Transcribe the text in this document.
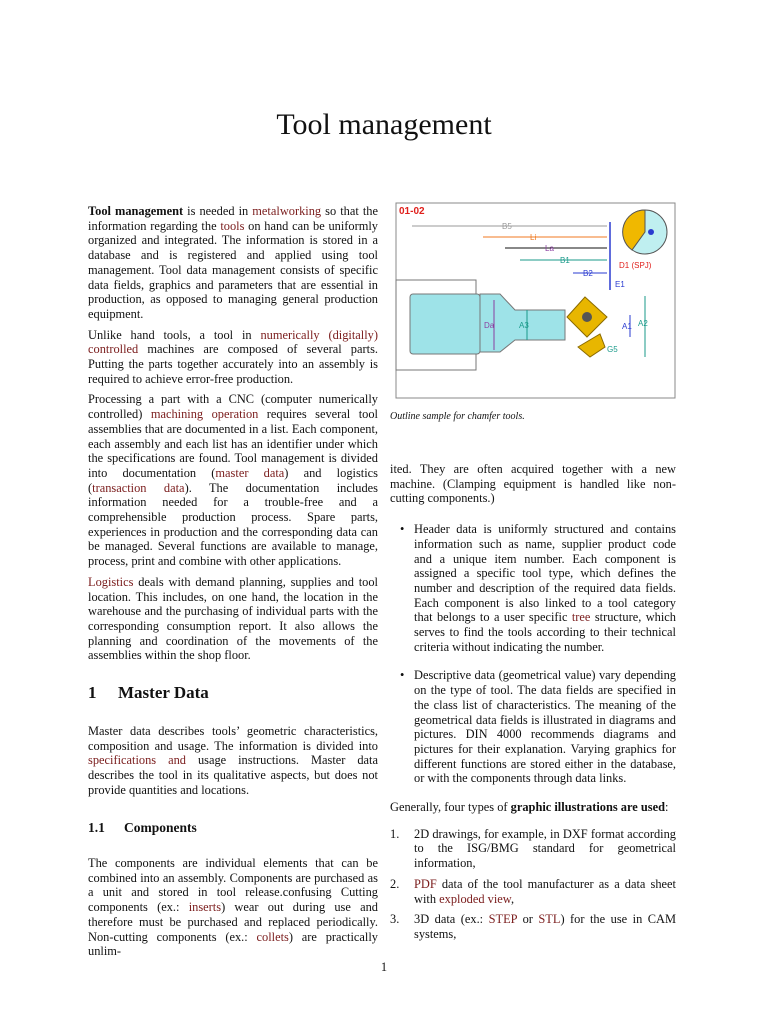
Tool management

Tool management is needed in metalworking so that the information regarding the tools on hand can be uniformly organized and integrated. The information is stored in a database and is registered and applied using tool management. Tool data management consists of specific data fields, graphics and parameters that are essential in production, as opposed to managing general production equipment.

Unlike hand tools, a tool in numerically (digitally) controlled machines are composed of several parts. Putting the parts together accurately into an assembly is required to achieve error-free production.

Processing a part with a CNC (computer numerically controlled) machining operation requires several tool assemblies that are documented in a list. Each component, each assembly and each list has an identifier under which the specifications are found. Tool management is divided into documentation (master data) and logistics (transaction data). The documentation includes information needed for a trouble-free and a comprehensible production process. Spare parts, experiences in production and the corresponding data can be managed. Several functions are available to manage, process, print and combine with other applications.

Logistics deals with demand planning, supplies and tool location. This includes, on one hand, the location in the warehouse and the purchasing of individual parts with the corresponding consumption report. It also allows the planning and coordination of the movements of the assemblies within the shop floor.

1 Master Data

Master data describes tools’ geometric characteristics, composition and usage. The information is divided into specifications and usage instructions. Master data describes the tool in its qualitative aspects, but does not provide quantities and locations.

1.1 Components

The components are individual elements that can be combined into an assembly. Components are purchased as a unit and stored in tool release.confusing Cutting components (ex.: inserts) wear out during use and therefore must be purchased and replaced periodically. Non-cutting components (ex.: collets) are practically unlim-

01-02
B5
Li
La
B1
B2
E1
D1 (SPJ)
Da	A3	A1 A2
G5
Outline sample for chamfer tools.

ited. They are often acquired together with a new machine. (Clamping equipment is handled like non-cutting components.)

• Header data is uniformly structured and contains information such as name, supplier product code and a unique item number. Each component is assigned a specific tool type, which defines the number and description of the required data fields. Each component is also linked to a tool category that belongs to a user specific tree structure, which serves to find the tools according to their technical criteria without indicating the number.
• Descriptive data (geometrical value) vary depending on the type of tool. The data fields are specified in the class list of characteristics. The meaning of the geometrical data fields is illustrated in diagrams and pictures. DIN 4000 recommends diagrams and pictures for their explanation. Varying graphics for different functions are stored either in the database, or with the components through data links.

Generally, four types of graphic illustrations are used:

1. 2D drawings, for example, in DXF format according to the ISG/BMG standard for geometrical information,
2. PDF data of the tool manufacturer as a data sheet with exploded view,
3. 3D data (ex.: STEP or STL) for the use in CAM systems,
1
